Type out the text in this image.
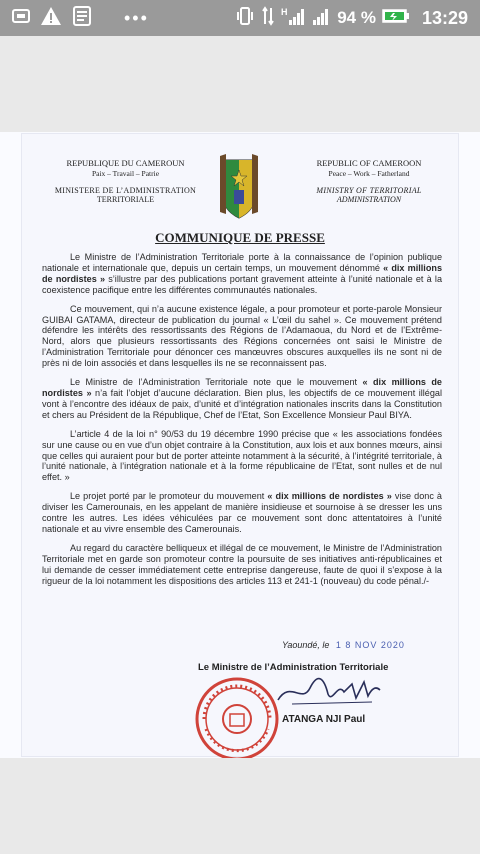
•••	H	94 %	13:29
REPUBLIQUE DU CAMEROUN
Paix – Travail – Patrie
MINISTERE DE L’ADMINISTRATION
TERRITORIALE
REPUBLIC OF CAMEROON
Peace – Work – Fatherland
MINISTRY OF TERRITORIAL
ADMINISTRATION
COMMUNIQUE DE PRESSE

Le Ministre de l’Administration Territoriale porte à la connaissance de l’opinion publique nationale et internationale que, depuis un certain temps, un mouvement dénommé « dix millions de nordistes » s’illustre par des publications portant gravement atteinte à l’unité nationale et à la coexistence pacifique entre les différentes communautés nationales.

Ce mouvement, qui n’a aucune existence légale, a pour promoteur et porte-parole Monsieur GUIBAI GATAMA, directeur de publication du journal « L’œil du sahel ». Ce mouvement prétend défendre les intérêts des ressortissants des Régions de l’Adamaoua, du Nord et de l’Extrême-Nord, alors que plusieurs ressortissants des Régions concernées ont saisi le Ministre de l’Administration Territoriale pour dénoncer ces manœuvres obscures auxquelles ils ne sont ni de près ni de loin associés et dans lesquelles ils ne se reconnaissent pas.

Le Ministre de l’Administration Territoriale note que le mouvement « dix millions de nordistes » n’a fait l’objet d’aucune déclaration. Bien plus, les objectifs de ce mouvement illégal vont à l’encontre des idéaux de paix, d’unité et d’intégration nationales inscrits dans la Constitution et chers au Président de la République, Chef de l’Etat, Son Excellence Monsieur Paul BIYA.

L’article 4 de la loi n° 90/53 du 19 décembre 1990 précise que « les associations fondées sur une cause ou en vue d’un objet contraire à la Constitution, aux lois et aux bonnes mœurs, ainsi que celles qui auraient pour but de porter atteinte notamment à la sécurité, à l’intégrité territoriale, à l’unité nationale, à l’intégration nationale et à la forme républicaine de l’Etat, sont nulles et de nul effet. »

Le projet porté par le promoteur du mouvement « dix millions de nordistes » vise donc à diviser les Camerounais, en les appelant de manière insidieuse et sournoise à se dresser les uns contre les autres. Les idées véhiculées par ce mouvement sont donc attentatoires à l’unité nationale et au vivre ensemble des Camerounais.

Au regard du caractère belliqueux et illégal de ce mouvement, le Ministre de l’Administration Territoriale met en garde son promoteur contre la poursuite de ses initiatives anti-républicaines et lui demande de cesser immédiatement cette entreprise dangereuse, faute de quoi il s’expose à la rigueur de la loi notamment les dispositions des articles 113 et 241-1 (nouveau) du code pénal./-

Yaoundé, le 1 8 NOV 2020
Le Ministre de l’Administration Territoriale
ATANGA NJI Paul
